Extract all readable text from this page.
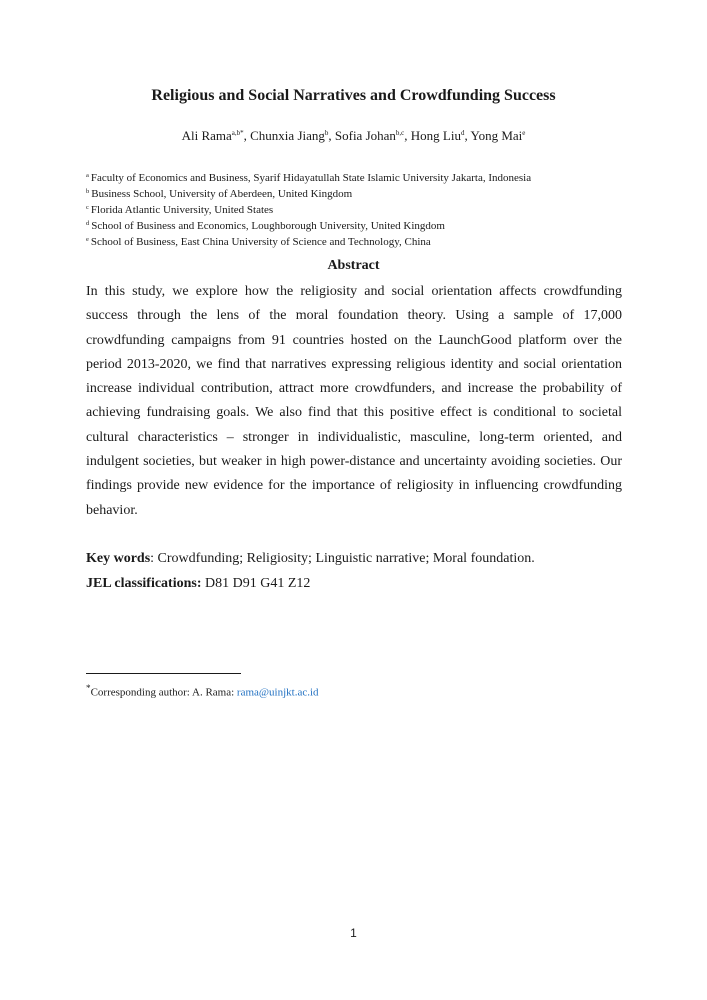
Religious and Social Narratives and Crowdfunding Success
Ali Rama$^{a,b*}$, Chunxia Jiang$^b$, Sofia Johan$^{b,c}$, Hong Liu$^d$, Yong Mai$^e$
$^a$ Faculty of Economics and Business, Syarif Hidayatullah State Islamic University Jakarta, Indonesia
$^b$ Business School, University of Aberdeen, United Kingdom
$^c$ Florida Atlantic University, United States
$^d$ School of Business and Economics, Loughborough University, United Kingdom
$^e$ School of Business, East China University of Science and Technology, China
Abstract

In this study, we explore how the religiosity and social orientation affects crowdfunding success through the lens of the moral foundation theory. Using a sample of 17,000 crowdfunding campaigns from 91 countries hosted on the LaunchGood platform over the period 2013-2020, we find that narratives expressing religious identity and social orientation increase individual contribution, attract more crowdfunders, and increase the probability of achieving fundraising goals. We also find that this positive effect is conditional to societal cultural characteristics – stronger in individualistic, masculine, long-term oriented, and indulgent societies, but weaker in high power-distance and uncertainty avoiding societies. Our findings provide new evidence for the importance of religiosity in influencing crowdfunding behavior.

Key words: Crowdfunding; Religiosity; Linguistic narrative; Moral foundation.
JEL classifications: D81 D91 G41 Z12
*Corresponding author: A. Rama: rama@uinjkt.ac.id
1
